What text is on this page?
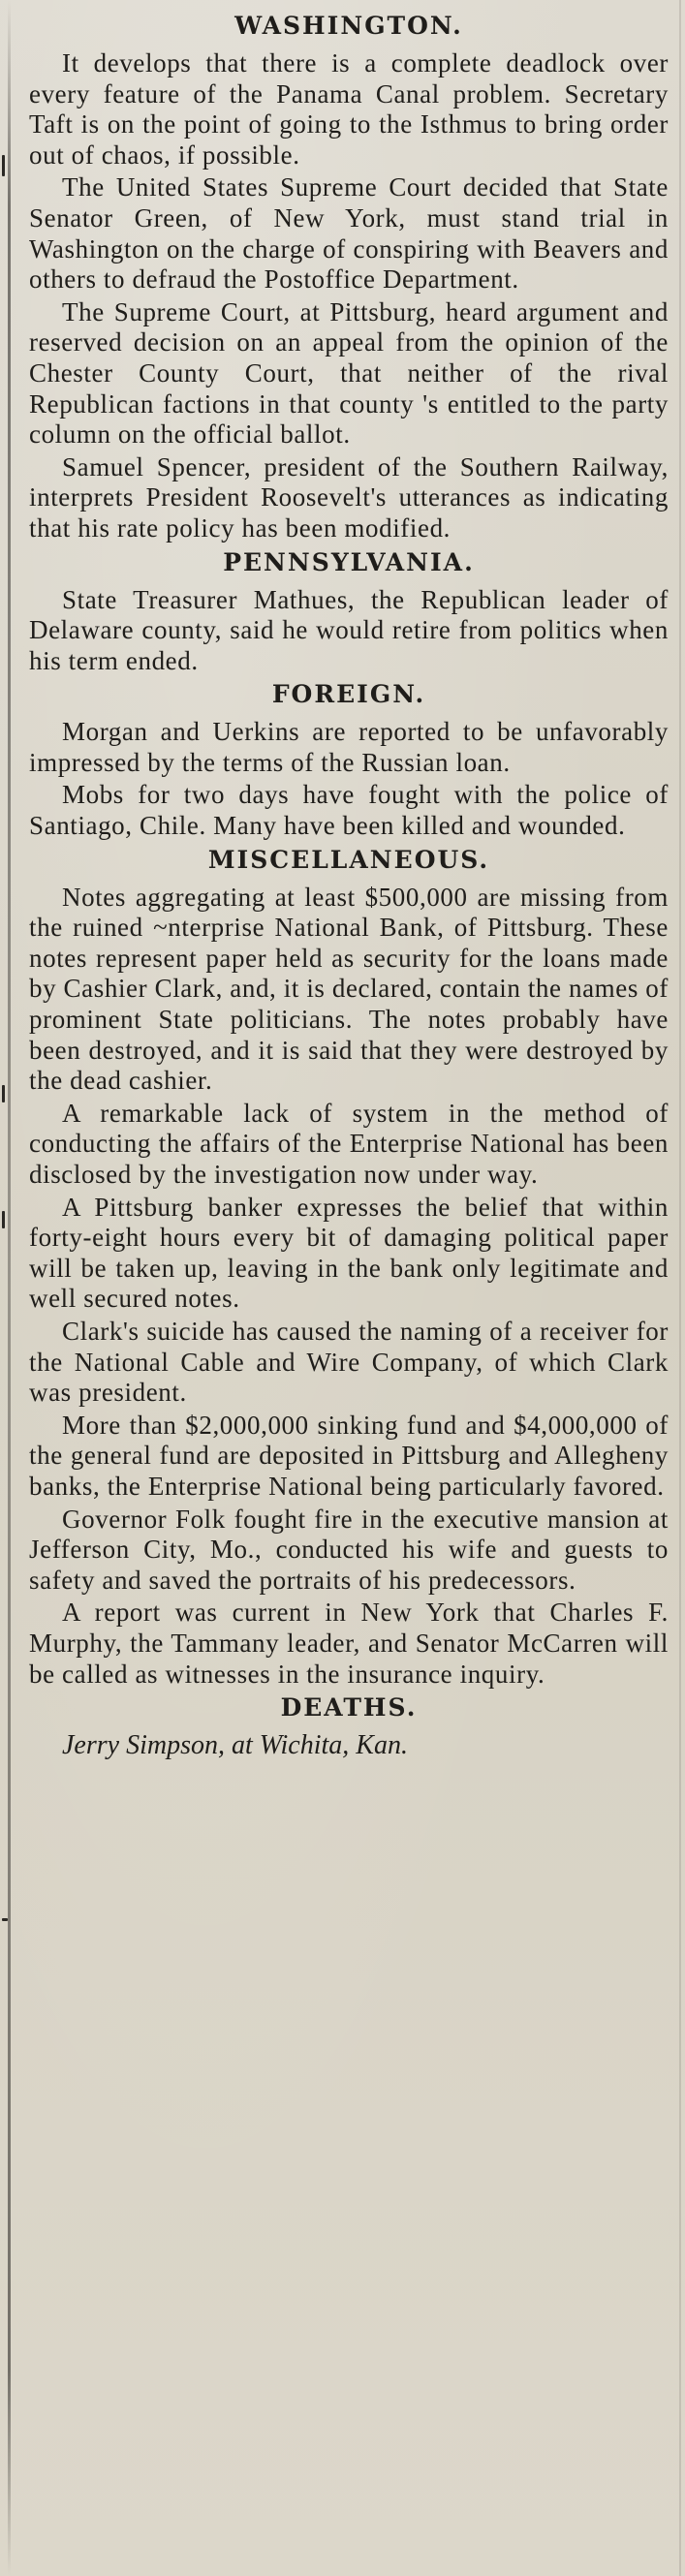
WASHINGTON.

It develops that there is a complete deadlock over every feature of the Panama Canal problem. Secretary Taft is on the point of going to the Isthmus to bring order out of chaos, if possible.

The United States Supreme Court decided that State Senator Green, of New York, must stand trial in Washington on the charge of conspiring with Beavers and others to defraud the Postoffice Department.

The Supreme Court, at Pittsburg, heard argument and reserved decision on an appeal from the opinion of the Chester County Court, that neither of the rival Republican factions in that county 's entitled to the party column on the official ballot.

Samuel Spencer, president of the Southern Railway, interprets President Roosevelt's utterances as indicating that his rate policy has been modified.

PENNSYLVANIA.

State Treasurer Mathues, the Republican leader of Delaware county, said he would retire from politics when his term ended.

FOREIGN.

Morgan and Uerkins are reported to be unfavorably impressed by the terms of the Russian loan.

Mobs for two days have fought with the police of Santiago, Chile. Many have been killed and wounded.

MISCELLANEOUS.

Notes aggregating at least $500,000 are missing from the ruined ~nterprise National Bank, of Pittsburg. These notes represent paper held as security for the loans made by Cashier Clark, and, it is declared, contain the names of prominent State politicians. The notes probably have been destroyed, and it is said that they were destroyed by the dead cashier.

A remarkable lack of system in the method of conducting the affairs of the Enterprise National has been disclosed by the investigation now under way.

A Pittsburg banker expresses the belief that within forty-eight hours every bit of damaging political paper will be taken up, leaving in the bank only legitimate and well secured notes.

Clark's suicide has caused the naming of a receiver for the National Cable and Wire Company, of which Clark was president.

More than $2,000,000 sinking fund and $4,000,000 of the general fund are deposited in Pittsburg and Allegheny banks, the Enterprise National being particularly favored.

Governor Folk fought fire in the executive mansion at Jefferson City, Mo., conducted his wife and guests to safety and saved the portraits of his predecessors.

A report was current in New York that Charles F. Murphy, the Tammany leader, and Senator McCarren will be called as witnesses in the insurance inquiry.

DEATHS.

Jerry Simpson, at Wichita, Kan.
